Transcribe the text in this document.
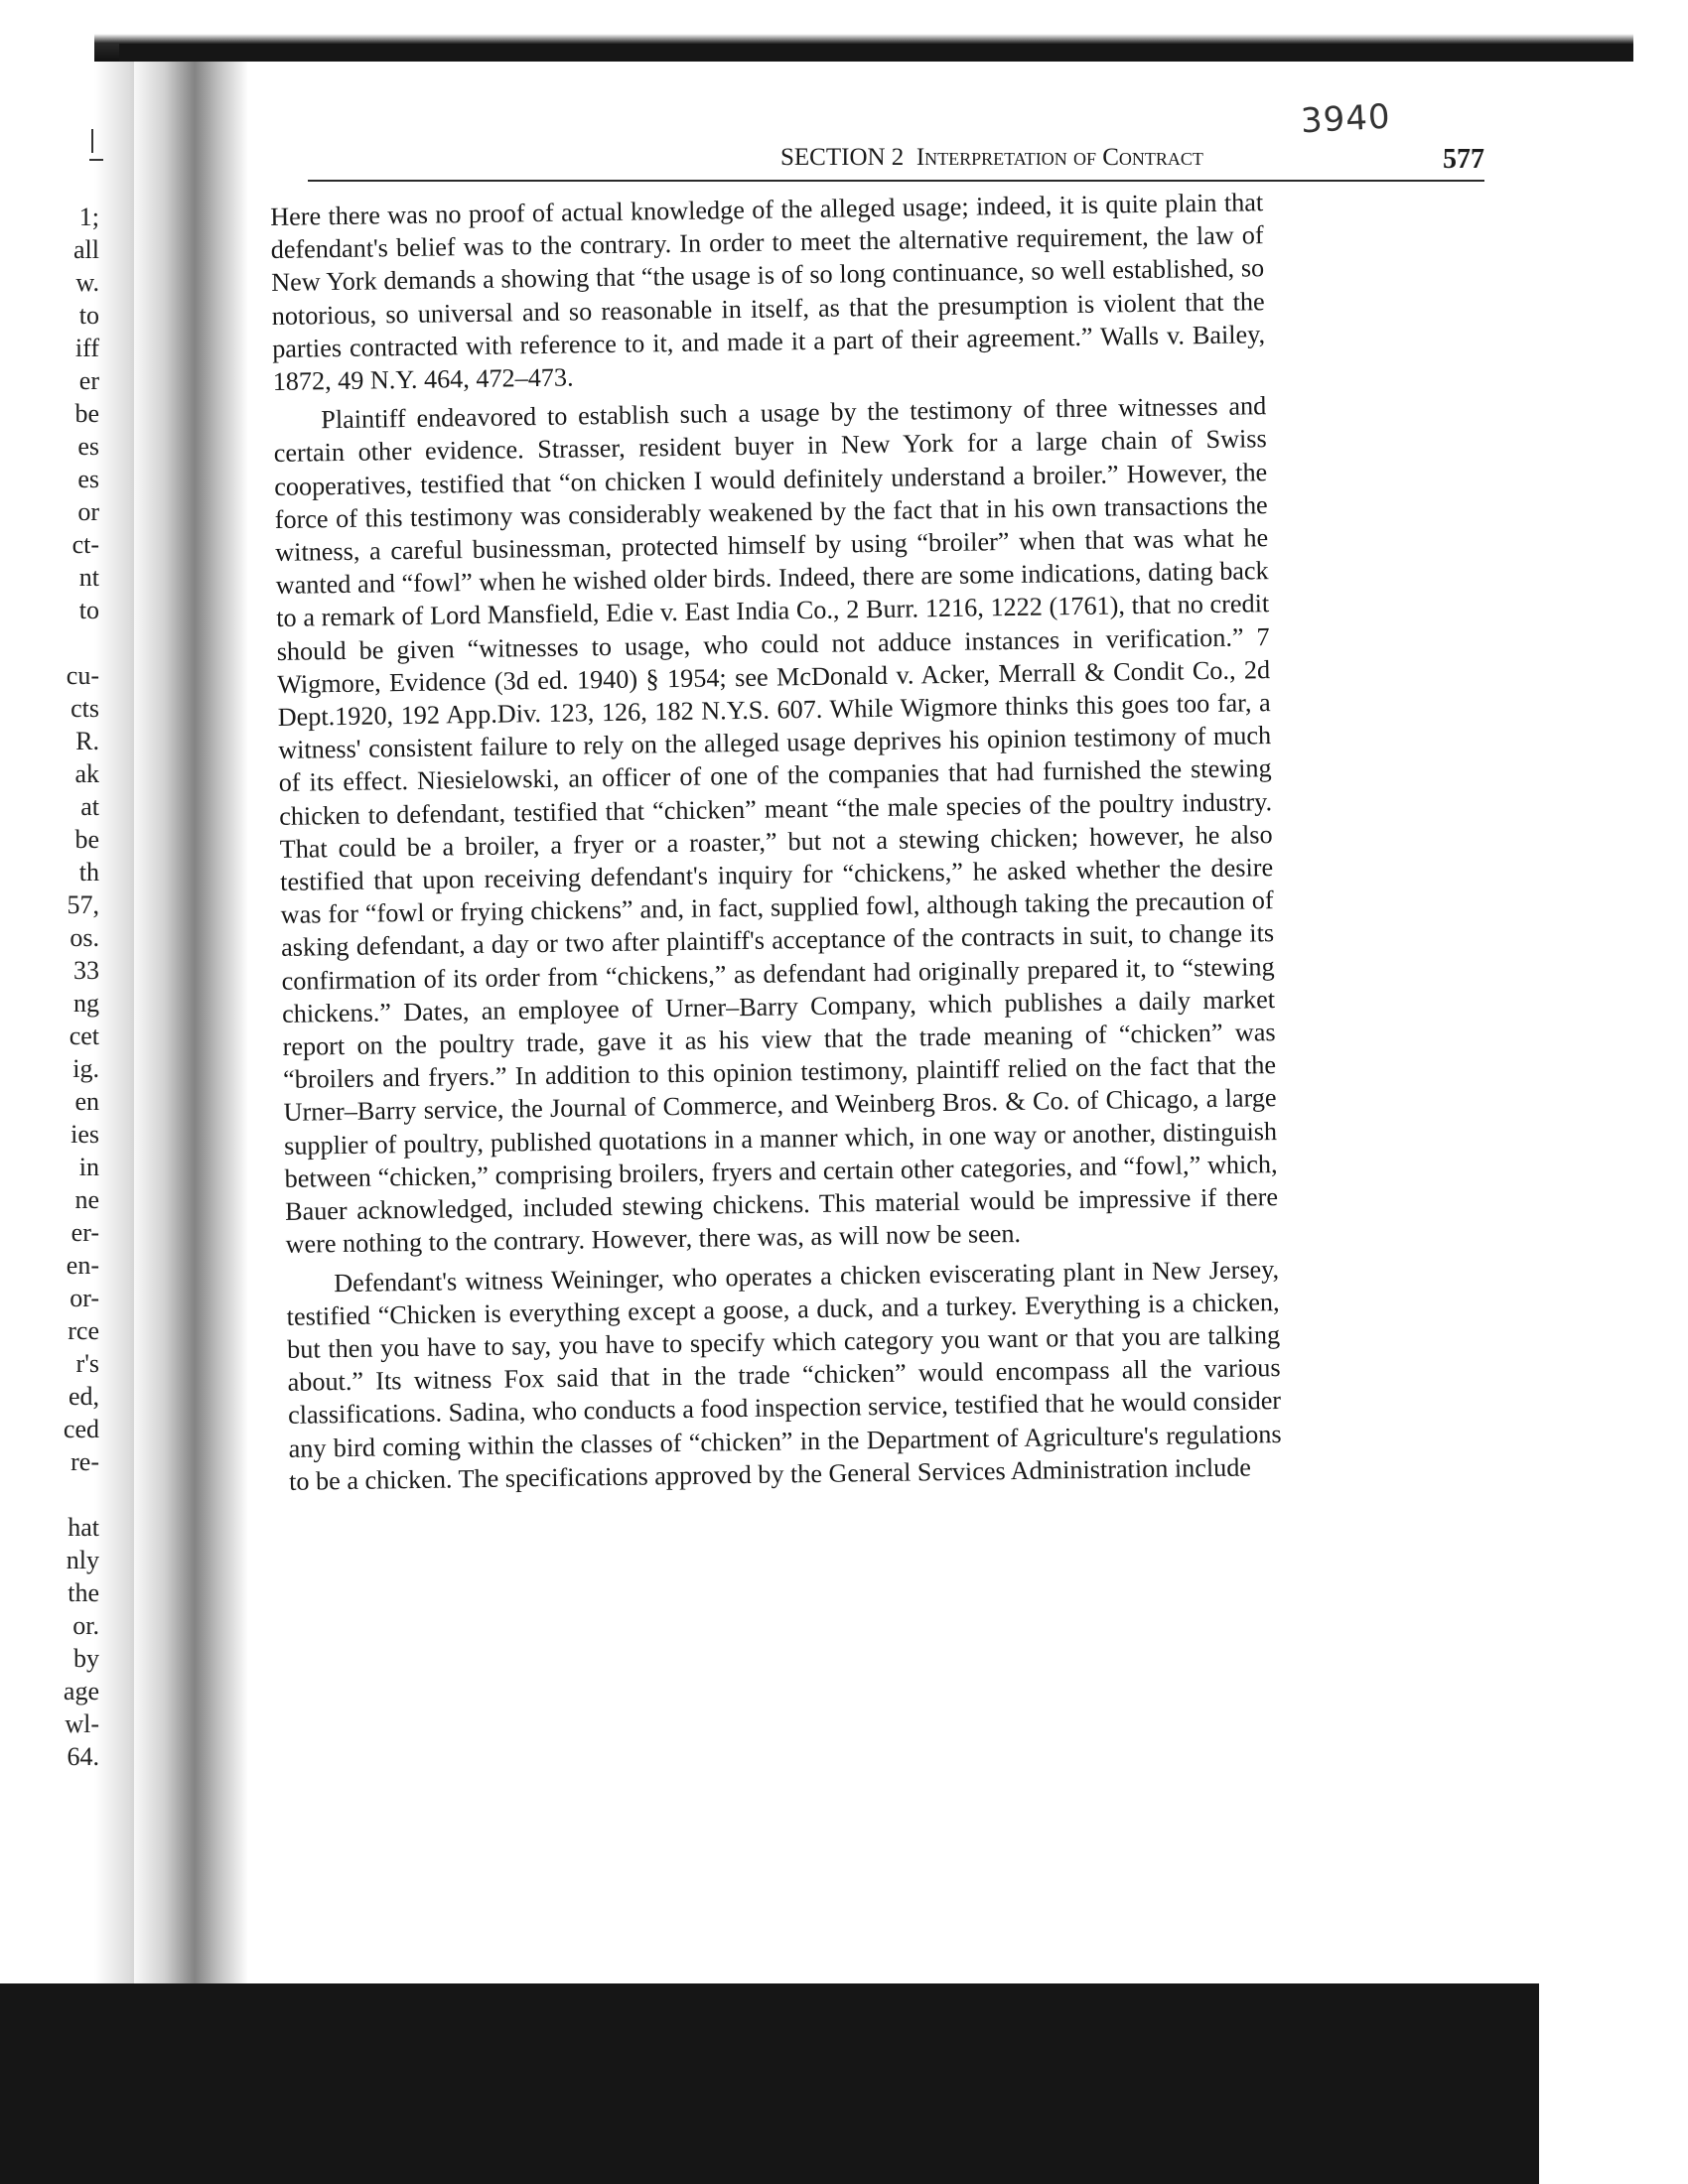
1;
all
w.
to
iff
er
be
es
es
or
ct-
nt
to
cu-
cts
R.
ak
at
be
th
57,
os.
33
ng
cet
ig.
en
ies
in
ne
er-
en-
or-
rce
r's
ed,
ced
re-
hat
nly
the
or.
by
age
wl-
64.
3940
SECTION 2 Interpretation of Contract	577

Here there was no proof of actual knowledge of the alleged usage; indeed, it is quite plain that defendant's belief was to the contrary. In order to meet the alternative requirement, the law of New York demands a showing that “the usage is of so long continuance, so well established, so notorious, so universal and so reasonable in itself, as that the presumption is violent that the parties contracted with reference to it, and made it a part of their agreement.” Walls v. Bailey, 1872, 49 N.Y. 464, 472–473.

Plaintiff endeavored to establish such a usage by the testimony of three witnesses and certain other evidence. Strasser, resident buyer in New York for a large chain of Swiss cooperatives, testified that “on chicken I would definitely understand a broiler.” However, the force of this testimony was considerably weakened by the fact that in his own transactions the witness, a careful businessman, protected himself by using “broiler” when that was what he wanted and “fowl” when he wished older birds. Indeed, there are some indications, dating back to a remark of Lord Mansfield, Edie v. East India Co., 2 Burr. 1216, 1222 (1761), that no credit should be given “witnesses to usage, who could not adduce instances in verification.” 7 Wigmore, Evidence (3d ed. 1940) § 1954; see McDonald v. Acker, Merrall & Condit Co., 2d Dept.1920, 192 App.Div. 123, 126, 182 N.Y.S. 607. While Wigmore thinks this goes too far, a witness' consistent failure to rely on the alleged usage deprives his opinion testimony of much of its effect. Niesielowski, an officer of one of the companies that had furnished the stewing chicken to defendant, testified that “chicken” meant “the male species of the poultry industry. That could be a broiler, a fryer or a roaster,” but not a stewing chicken; however, he also testified that upon receiving defendant's inquiry for “chickens,” he asked whether the desire was for “fowl or frying chickens” and, in fact, supplied fowl, although taking the precaution of asking defendant, a day or two after plaintiff's acceptance of the contracts in suit, to change its confirmation of its order from “chickens,” as defendant had originally prepared it, to “stewing chickens.” Dates, an employee of Urner–Barry Company, which publishes a daily market report on the poultry trade, gave it as his view that the trade meaning of “chicken” was “broilers and fryers.” In addition to this opinion testimony, plaintiff relied on the fact that the Urner–Barry service, the Journal of Commerce, and Weinberg Bros. & Co. of Chicago, a large supplier of poultry, published quotations in a manner which, in one way or another, distinguish between “chicken,” comprising broilers, fryers and certain other categories, and “fowl,” which, Bauer acknowledged, included stewing chickens. This material would be impressive if there were nothing to the contrary. However, there was, as will now be seen.

Defendant's witness Weininger, who operates a chicken eviscerating plant in New Jersey, testified “Chicken is everything except a goose, a duck, and a turkey. Everything is a chicken, but then you have to say, you have to specify which category you want or that you are talking about.” Its witness Fox said that in the trade “chicken” would encompass all the various classifications. Sadina, who conducts a food inspection service, testified that he would consider any bird coming within the classes of “chicken” in the Department of Agriculture's regulations to be a chicken. The specifications approved by the General Services Administration include
